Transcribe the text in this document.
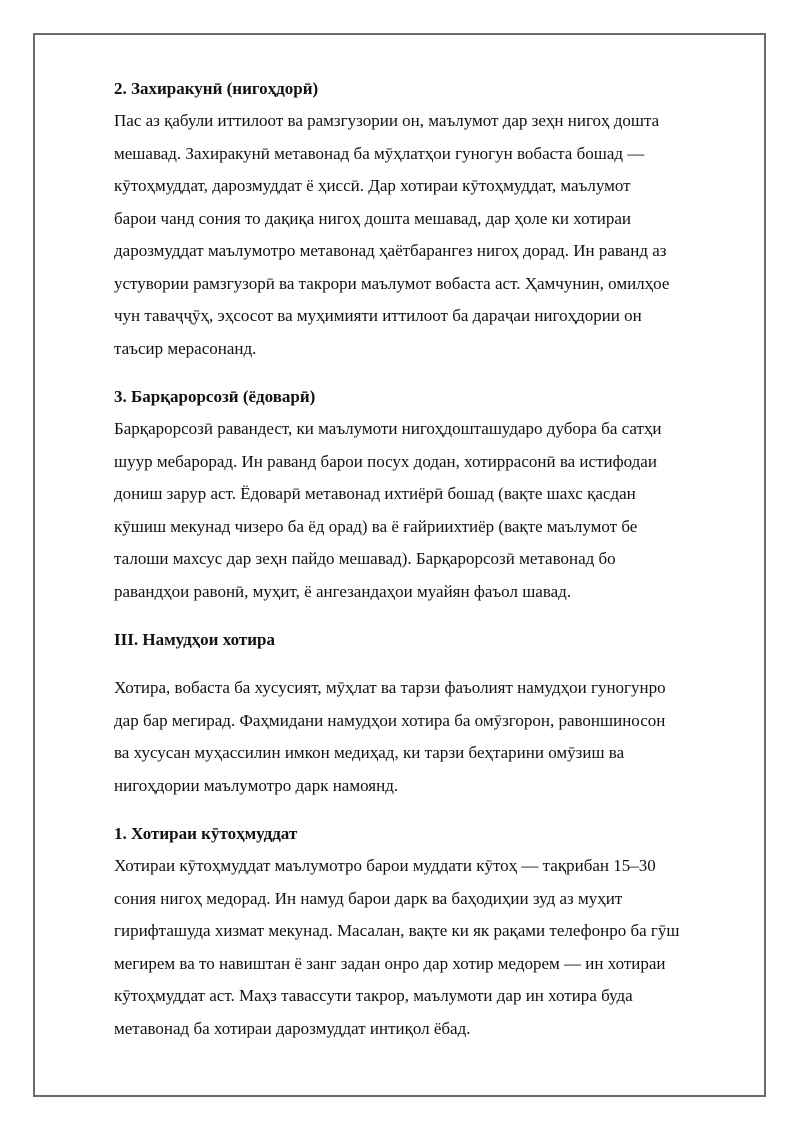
2. Захиракунӣ (нигоҳдорӣ)

Пас аз қабули иттилоот ва рамзгузории он, маълумот дар зеҳн нигоҳ дошта
мешавад. Захиракунӣ метавонад ба мӯҳлатҳои гуногун вобаста бошад —
кӯтоҳмуддат, дарозмуддат ё ҳиссӣ. Дар хотираи кӯтоҳмуддат, маълумот
барои чанд сония то дақиқа нигоҳ дошта мешавад, дар ҳоле ки хотираи
дарозмуддат маълумотро метавонад ҳаётбарангез нигоҳ дорад. Ин раванд аз
устувории рамзгузорӣ ва такрори маълумот вобаста аст. Ҳамчунин, омилҳое
чун таваҷҷӯҳ, эҳсосот ва муҳимияти иттилоот ба дараҷаи нигоҳдории он
таъсир мерасонанд.

3. Барқарорсозӣ (ёдоварӣ)

Барқарорсозӣ равандест, ки маълумоти нигоҳдошташударо дубора ба сатҳи
шуур мебарорад. Ин раванд барои посух додан, хотиррасонӣ ва истифодаи
дониш зарур аст. Ёдоварӣ метавонад ихтиёрӣ бошад (вақте шахс қасдан
кӯшиш мекунад чизеро ба ёд орад) ва ё ғайриихтиёр (вақте маълумот бе
талоши махсус дар зеҳн пайдо мешавад). Барқарорсозӣ метавонад бо
равандҳои равонӣ, муҳит, ё ангезандаҳои муайян фаъол шавад.

III. Намудҳои хотира

Хотира, вобаста ба хусусият, мӯҳлат ва тарзи фаъолият намудҳои гуногунро
дар бар мегирад. Фаҳмидани намудҳои хотира ба омӯзгорон, равоншиносон
ва хусусан муҳассилин имкон медиҳад, ки тарзи беҳтарини омӯзиш ва
нигоҳдории маълумотро дарк намоянд.

1. Хотираи кӯтоҳмуддат

Хотираи кӯтоҳмуддат маълумотро барои муддати кӯтоҳ — тақрибан 15–30
сония нигоҳ медорад. Ин намуд барои дарк ва баҳодиҳии зуд аз муҳит
гирифташуда хизмат мекунад. Масалан, вақте ки як рақами телефонро ба гӯш
мегирем ва то навиштан ё занг задан онро дар хотир медорем — ин хотираи
кӯтоҳмуддат аст. Маҳз тавассути такрор, маълумоти дар ин хотира буда
метавонад ба хотираи дарозмуддат интиқол ёбад.
